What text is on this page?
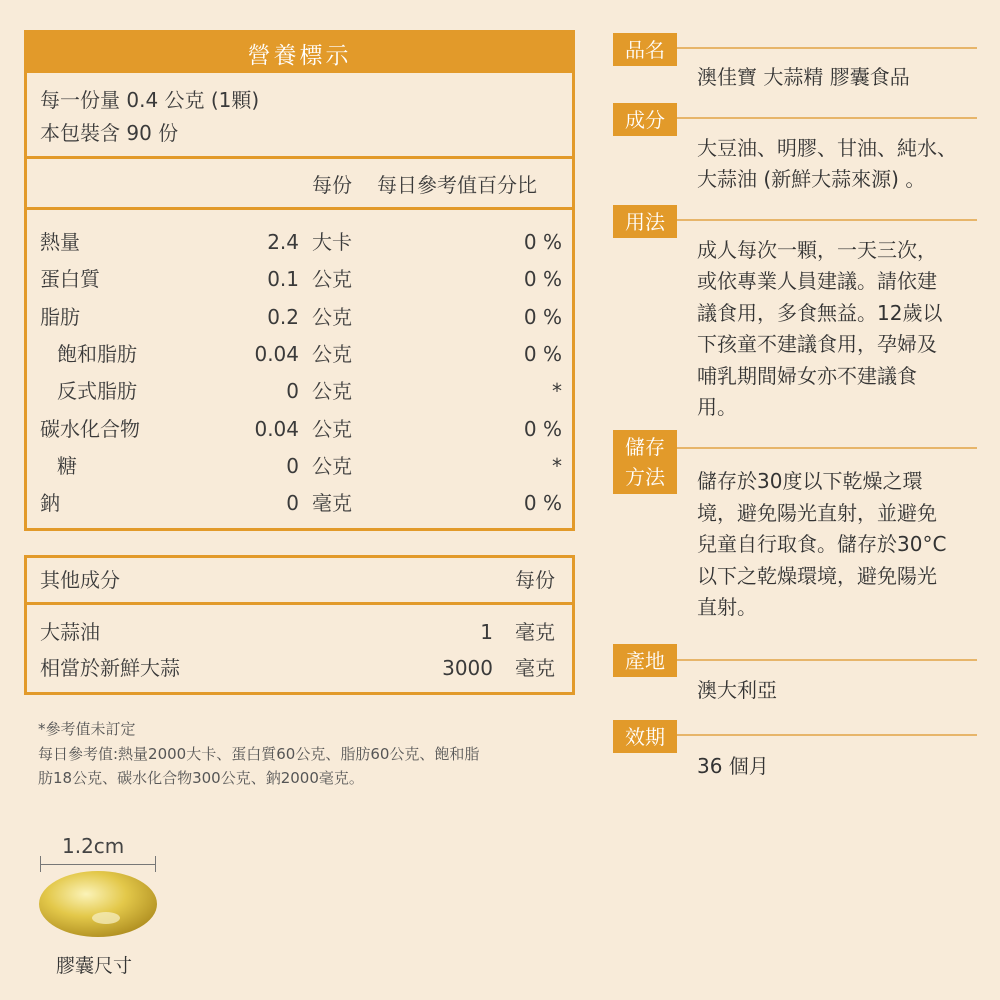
營養標示
每一份量 0.4 公克 (1顆)
本包裝含 90 份
每份 每日參考值百分比
熱量	2.4 大卡	0 %
蛋白質	0.1 公克	0 %
脂肪	0.2 公克	0 %
飽和脂肪	0.04 公克	0 %
反式脂肪	0 公克	*
碳水化合物	0.04 公克	0 %
糖	0 公克	*
鈉	0 毫克	0 %
其他成分	每份
大蒜油	1 毫克
相當於新鮮大蒜	3000 毫克
*參考值未訂定
每日參考值:熱量2000大卡、蛋白質60公克、脂肪60公克、飽和脂
肪18公克、碳水化合物300公克、鈉2000毫克。
1.2cm
膠囊尺寸
品名
澳佳寶 大蒜精 膠囊食品
成分
大豆油、明膠、甘油、純水、
大蒜油 (新鮮大蒜來源) 。
用法
成人每次一顆，一天三次，
或依專業人員建議。請依建
議食用，多食無益。12歲以
下孩童不建議食用，孕婦及
哺乳期間婦女亦不建議食
用。
儲存
方法 儲存於30度以下乾燥之環
境，避免陽光直射，並避免
兒童自行取食。儲存於30°C
以下之乾燥環境，避免陽光
直射。
產地
澳大利亞
效期
36 個月
